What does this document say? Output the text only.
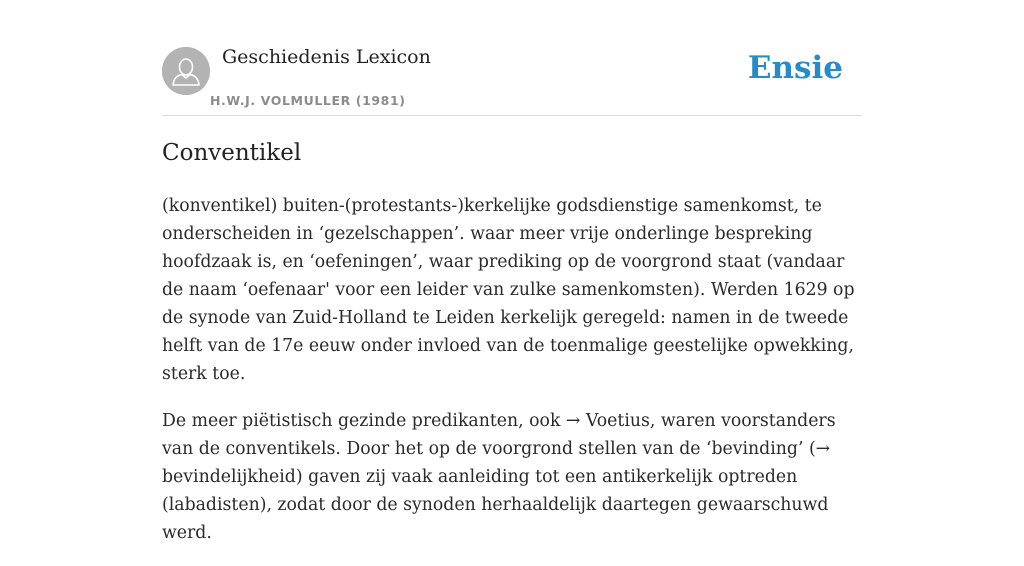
Geschiedenis Lexicon
H.W.J. VOLMULLER (1981)
Ensie
Conventikel

(konventikel) buiten-(protestants-)kerkelijke godsdienstige samenkomst, te onderscheiden in ‘gezelschappen’. waar meer vrije onderlinge bespreking hoofdzaak is, en ‘oefeningen’, waar prediking op de voorgrond staat (vandaar de naam ‘oefenaar' voor een leider van zulke samenkomsten). Werden 1629 op de synode van Zuid-Holland te Leiden kerkelijk geregeld: namen in de tweede helft van de 17e eeuw onder invloed van de toenmalige geestelijke opwekking, sterk toe.

De meer piëtistisch gezinde predikanten, ook → Voetius, waren voorstanders van de conventikels. Door het op de voorgrond stellen van de ‘bevinding’ (→ bevindelijkheid) gaven zij vaak aanleiding tot een antikerkelijk optreden (labadisten), zodat door de synoden herhaaldelijk daartegen gewaarschuwd werd.
